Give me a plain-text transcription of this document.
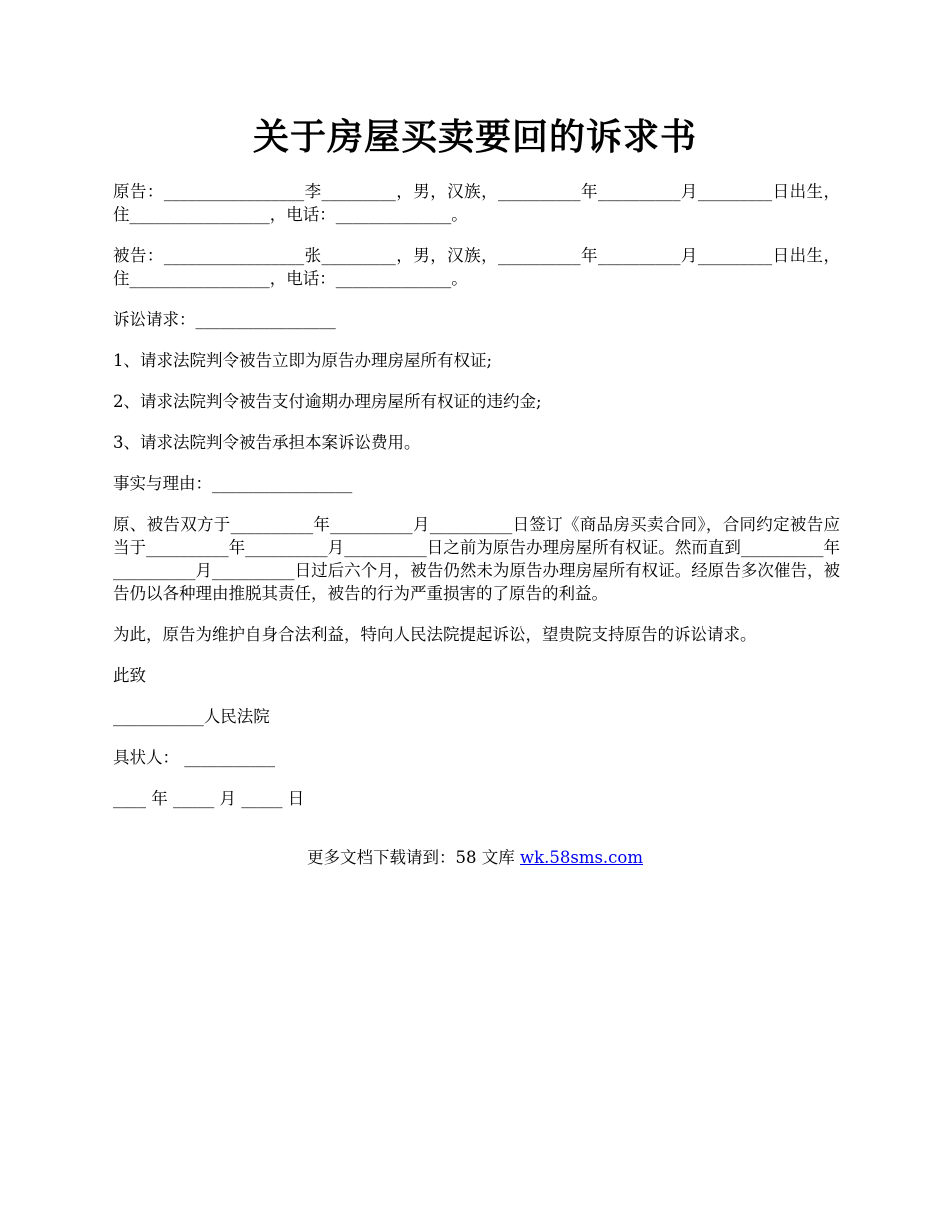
关于房屋买卖要回的诉求书

原告：_________________李_________，男，汉族，__________年__________月_________日出生，住_________________，电话：______________。

被告：_________________张_________，男，汉族，__________年__________月_________日出生，住_________________，电话：______________。

诉讼请求：_________________

1、请求法院判令被告立即为原告办理房屋所有权证;

2、请求法院判令被告支付逾期办理房屋所有权证的违约金;

3、请求法院判令被告承担本案诉讼费用。

事实与理由：_________________

原、被告双方于__________年__________月__________日签订《商品房买卖合同》，合同约定被告应当于__________年__________月__________日之前为原告办理房屋所有权证。然而直到__________年__________月__________日过后六个月，被告仍然未为原告办理房屋所有权证。经原告多次催告，被告仍以各种理由推脱其责任，被告的行为严重损害的了原告的利益。

为此，原告为维护自身合法利益，特向人民法院提起诉讼，望贵院支持原告的诉讼请求。

此致

___________人民法院

具状人： ___________

____ 年 _____ 月 _____ 日

更多文档下载请到：58 文库 wk.58sms.com
